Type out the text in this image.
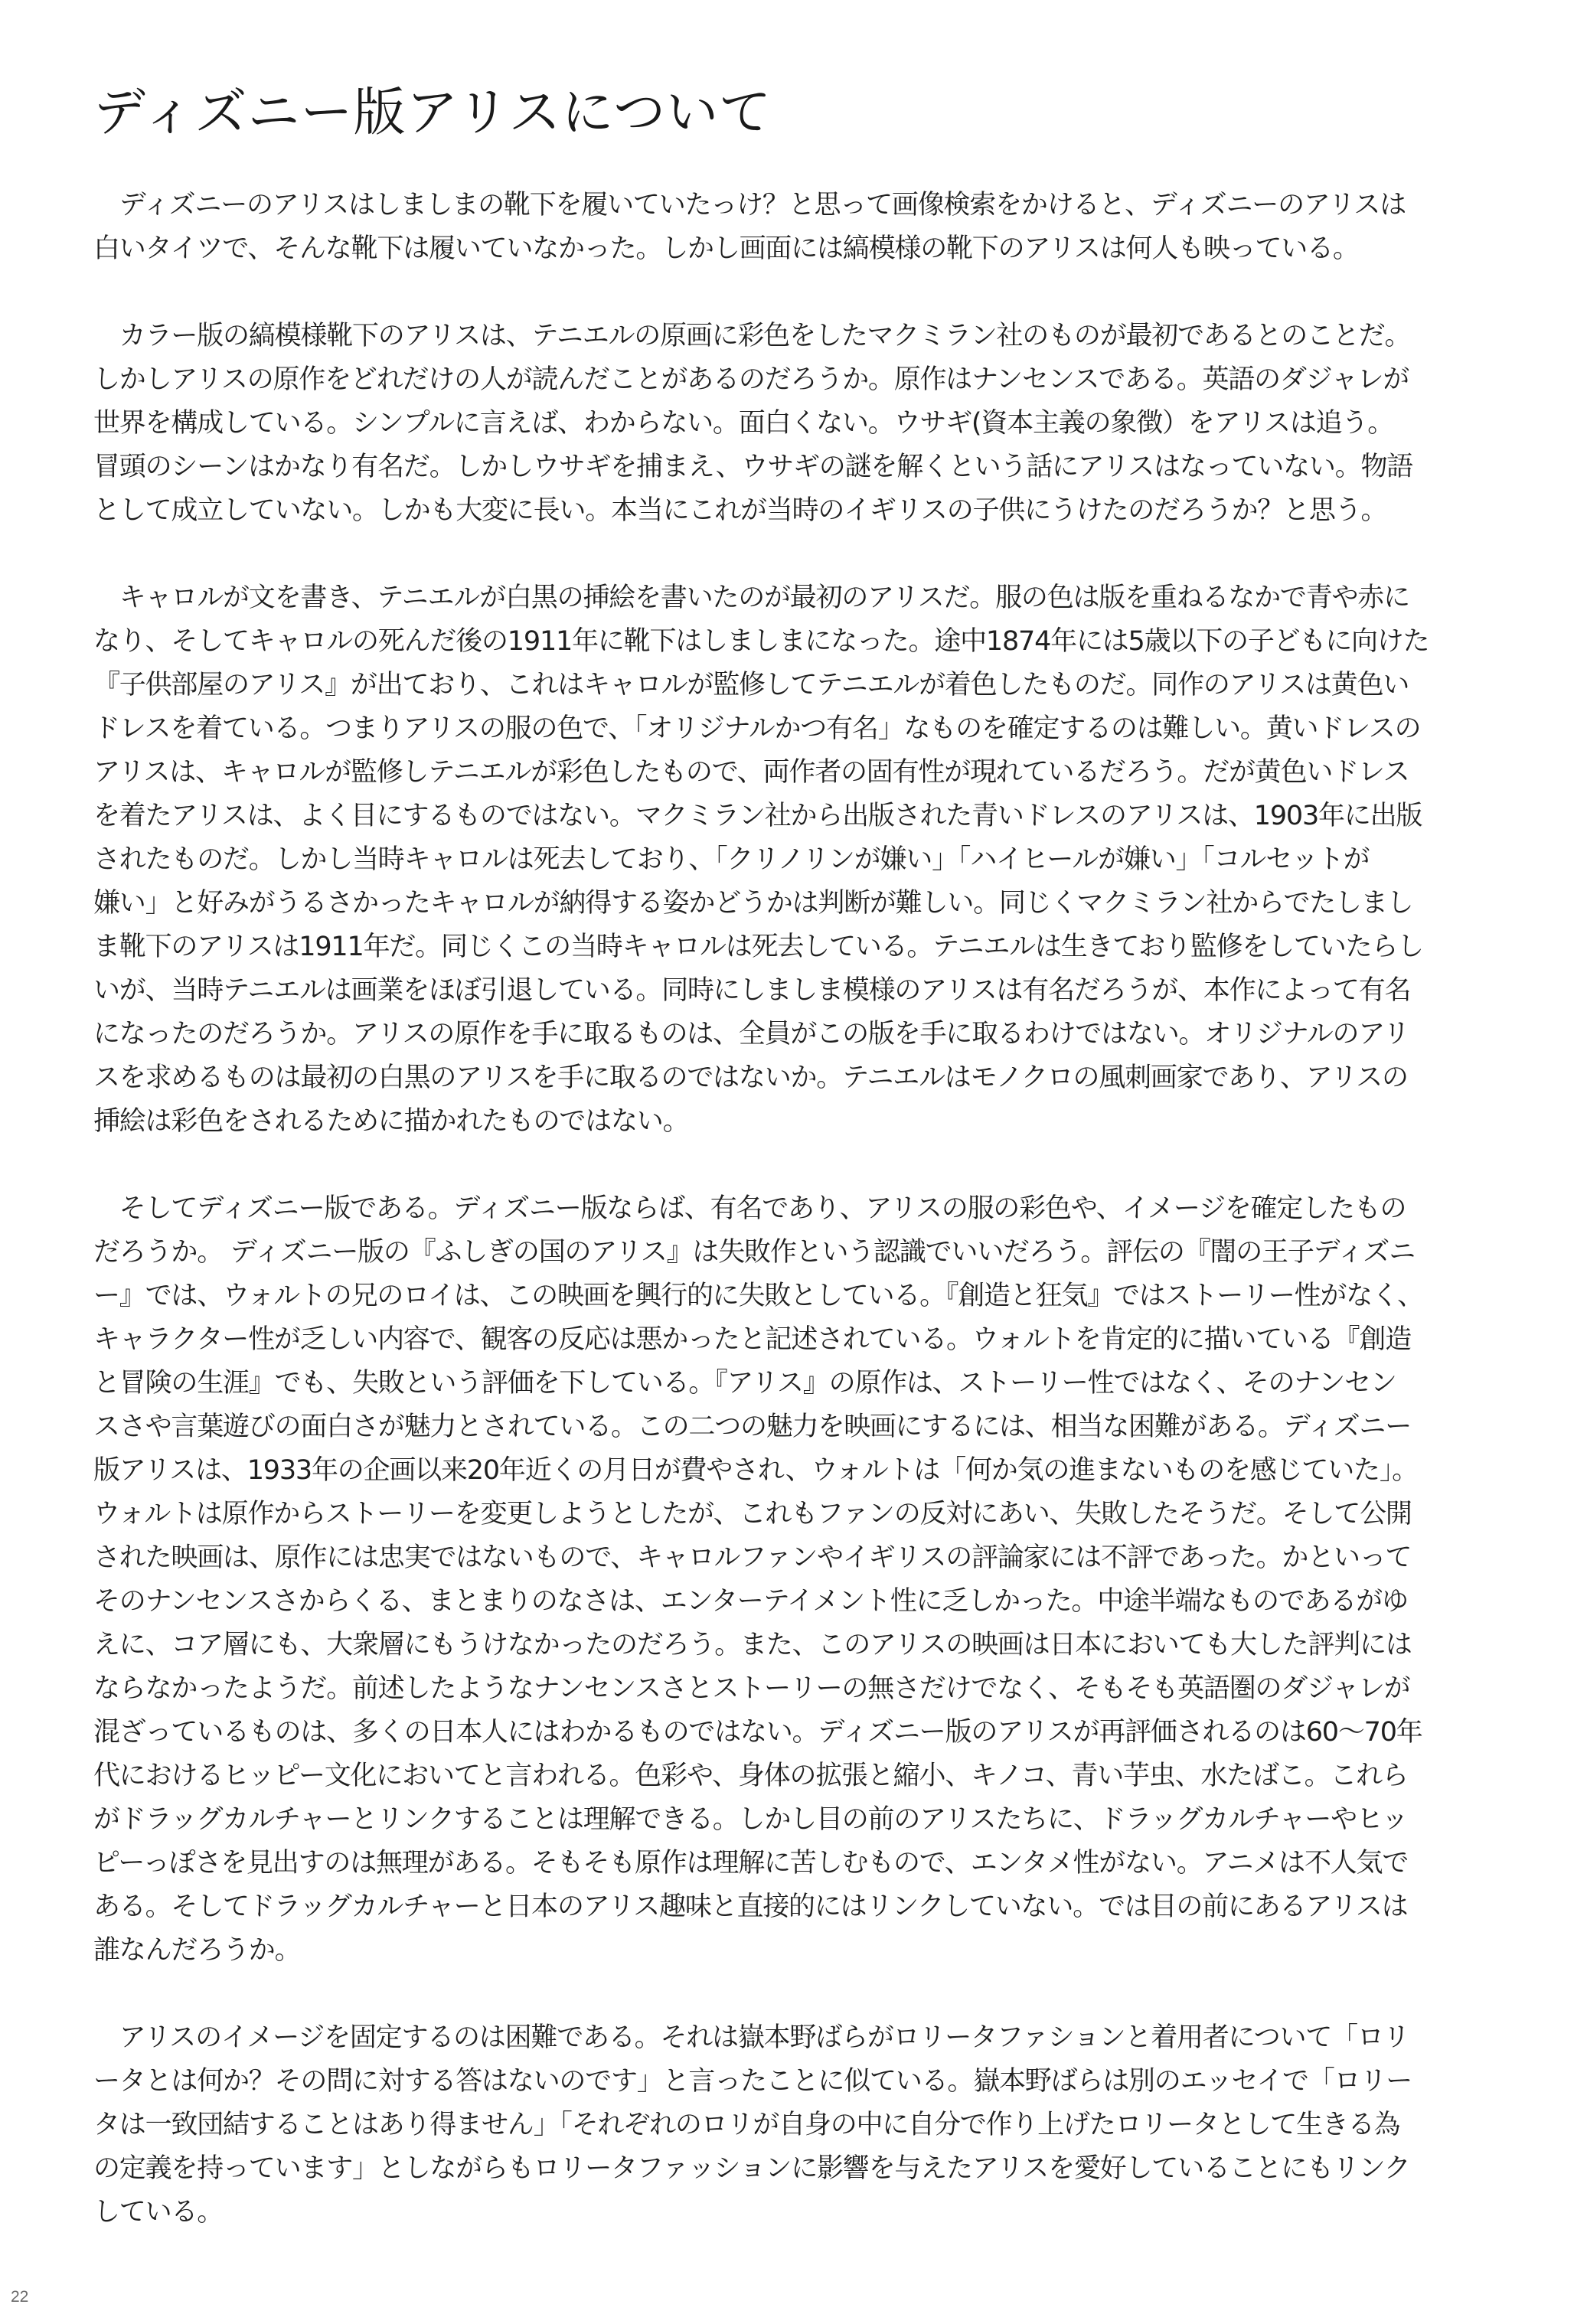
ディズニー版アリスについて
　ディズニーのアリスはしましまの靴下を履いていたっけ？と思って画像検索をかけると、ディズニーのアリスは
白いタイツで、そんな靴下は履いていなかった。しかし画面には縞模様の靴下のアリスは何人も映っている。
　カラー版の縞模様靴下のアリスは、テニエルの原画に彩色をしたマクミラン社のものが最初であるとのことだ。
しかしアリスの原作をどれだけの人が読んだことがあるのだろうか。原作はナンセンスである。英語のダジャレが
世界を構成している。シンプルに言えば、わからない。面白くない。ウサギ(資本主義の象徴）をアリスは追う。
冒頭のシーンはかなり有名だ。しかしウサギを捕まえ、ウサギの謎を解くという話にアリスはなっていない。物語
として成立していない。しかも大変に長い。本当にこれが当時のイギリスの子供にうけたのだろうか？と思う。
　キャロルが文を書き、テニエルが白黒の挿絵を書いたのが最初のアリスだ。服の色は版を重ねるなかで青や赤に
なり、そしてキャロルの死んだ後の1911年に靴下はしましまになった。途中1874年には5歳以下の子どもに向けた
『子供部屋のアリス』が出ており、これはキャロルが監修してテニエルが着色したものだ。同作のアリスは黄色い
ドレスを着ている。つまりアリスの服の色で、「オリジナルかつ有名」なものを確定するのは難しい。黄いドレスの
アリスは、キャロルが監修しテニエルが彩色したもので、両作者の固有性が現れているだろう。だが黄色いドレス
を着たアリスは、よく目にするものではない。マクミラン社から出版された青いドレスのアリスは、1903年に出版
されたものだ。しかし当時キャロルは死去しており、「クリノリンが嫌い」「ハイヒールが嫌い」「コルセットが
嫌い」と好みがうるさかったキャロルが納得する姿かどうかは判断が難しい。同じくマクミラン社からでたしまし
ま靴下のアリスは1911年だ。同じくこの当時キャロルは死去している。テニエルは生きており監修をしていたらし
いが、当時テニエルは画業をほぼ引退している。同時にしましま模様のアリスは有名だろうが、本作によって有名
になったのだろうか。アリスの原作を手に取るものは、全員がこの版を手に取るわけではない。オリジナルのアリ
スを求めるものは最初の白黒のアリスを手に取るのではないか。テニエルはモノクロの風刺画家であり、アリスの
挿絵は彩色をされるために描かれたものではない。
　そしてディズニー版である。ディズニー版ならば、有名であり、アリスの服の彩色や、イメージを確定したもの
だろうか。 ディズニー版の『ふしぎの国のアリス』は失敗作という認識でいいだろう。評伝の『闇の王子ディズニ
ー』では、ウォルトの兄のロイは、この映画を興行的に失敗としている。『創造と狂気』ではストーリー性がなく、
キャラクター性が乏しい内容で、観客の反応は悪かったと記述されている。ウォルトを肯定的に描いている『創造
と冒険の生涯』でも、失敗という評価を下している。『アリス』の原作は、ストーリー性ではなく、そのナンセン
スさや言葉遊びの面白さが魅力とされている。この二つの魅力を映画にするには、相当な困難がある。ディズニー
版アリスは、1933年の企画以来20年近くの月日が費やされ、ウォルトは「何か気の進まないものを感じていた」。
ウォルトは原作からストーリーを変更しようとしたが、これもファンの反対にあい、失敗したそうだ。そして公開
された映画は、原作には忠実ではないもので、キャロルファンやイギリスの評論家には不評であった。かといって
そのナンセンスさからくる、まとまりのなさは、エンターテイメント性に乏しかった。中途半端なものであるがゆ
えに、コア層にも、大衆層にもうけなかったのだろう。また、このアリスの映画は日本においても大した評判には
ならなかったようだ。前述したようなナンセンスさとストーリーの無さだけでなく、そもそも英語圏のダジャレが
混ざっているものは、多くの日本人にはわかるものではない。ディズニー版のアリスが再評価されるのは60〜70年
代におけるヒッピー文化においてと言われる。色彩や、身体の拡張と縮小、キノコ、青い芋虫、水たばこ。これら
がドラッグカルチャーとリンクすることは理解できる。しかし目の前のアリスたちに、ドラッグカルチャーやヒッ
ピーっぽさを見出すのは無理がある。そもそも原作は理解に苦しむもので、エンタメ性がない。アニメは不人気で
ある。そしてドラッグカルチャーと日本のアリス趣味と直接的にはリンクしていない。では目の前にあるアリスは
誰なんだろうか。
　アリスのイメージを固定するのは困難である。それは嶽本野ばらがロリータファションと着用者について「ロリ
ータとは何か？その問に対する答はないのです」と言ったことに似ている。嶽本野ばらは別のエッセイで「ロリー
タは一致団結することはあり得ません」「それぞれのロリが自身の中に自分で作り上げたロリータとして生きる為
の定義を持っています」としながらもロリータファッションに影響を与えたアリスを愛好していることにもリンク
している。
22
